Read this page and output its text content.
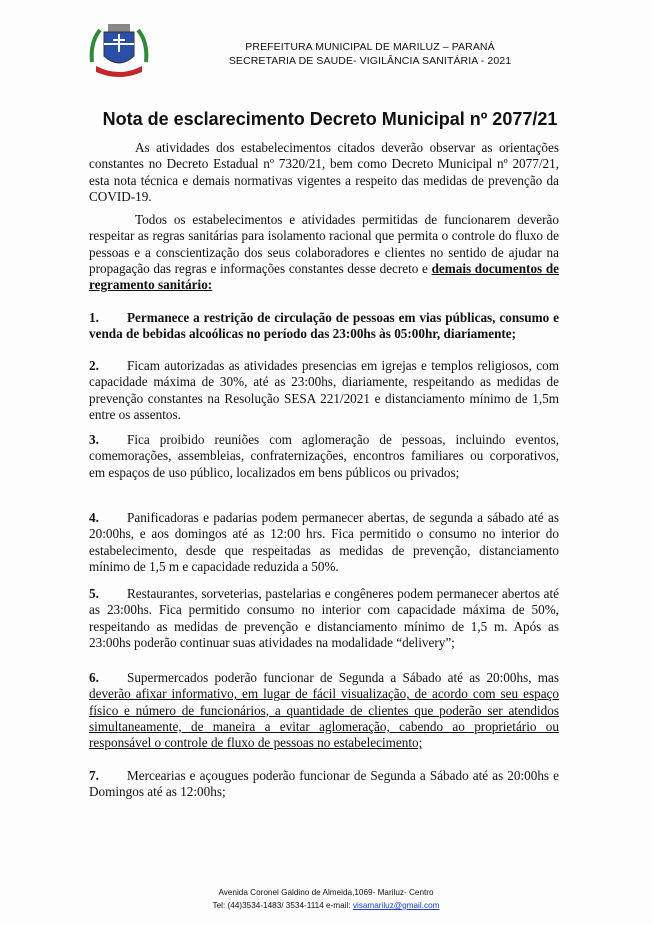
PREFEITURA MUNICIPAL DE MARILUZ – PARANÁ
SECRETARIA DE SAUDE- VIGILÂNCIA SANITÁRIA - 2021
Nota de esclarecimento Decreto Municipal nº 2077/21
As atividades dos estabelecimentos citados deverão observar as orientações constantes no Decreto Estadual nº 7320/21, bem como Decreto Municipal nº 2077/21, esta nota técnica e demais normativas vigentes a respeito das medidas de prevenção da COVID-19.
Todos os estabelecimentos e atividades permitidas de funcionarem deverão respeitar as regras sanitárias para isolamento racional que permita o controle do fluxo de pessoas e a conscientização dos seus colaboradores e clientes no sentido de ajudar na propagação das regras e informações constantes desse decreto e demais documentos de regramento sanitário:
1. Permanece a restrição de circulação de pessoas em vias públicas, consumo e venda de bebidas alcoólicas no período das 23:00hs às 05:00hr, diariamente;
2. Ficam autorizadas as atividades presencias em igrejas e templos religiosos, com capacidade máxima de 30%, até as 23:00hs, diariamente, respeitando as medidas de prevenção constantes na Resolução SESA 221/2021 e distanciamento mínimo de 1,5m entre os assentos.
3. Fica proibido reuniões com aglomeração de pessoas, incluindo eventos, comemorações, assembleias, confraternizações, encontros familiares ou corporativos, em espaços de uso público, localizados em bens públicos ou privados;
4. Panificadoras e padarias podem permanecer abertas, de segunda a sábado até as 20:00hs, e aos domingos até as 12:00 hrs. Fica permitido o consumo no interior do estabelecimento, desde que respeitadas as medidas de prevenção, distanciamento mínimo de 1,5 m e capacidade reduzida a 50%.
5. Restaurantes, sorveterias, pastelarias e congêneres podem permanecer abertos até as 23:00hs. Fica permitido consumo no interior com capacidade máxima de 50%, respeitando as medidas de prevenção e distanciamento mínimo de 1,5 m. Após as 23:00hs poderão continuar suas atividades na modalidade “delivery”;
6. Supermercados poderão funcionar de Segunda a Sábado até as 20:00hs, mas deverão afixar informativo, em lugar de fácil visualização, de acordo com seu espaço físico e número de funcionários, a quantidade de clientes que poderão ser atendidos simultaneamente, de maneira a evitar aglomeração, cabendo ao proprietário ou responsável o controle de fluxo de pessoas no estabelecimento;
7. Mercearias e açougues poderão funcionar de Segunda a Sábado até as 20:00hs e Domingos até as 12:00hs;
Avenida Coronel Galdino de Almeida,1069- Mariluz- Centro
Tel: (44)3534-1483/ 3534-1114 e-mail: visamariluz@gmail.com
